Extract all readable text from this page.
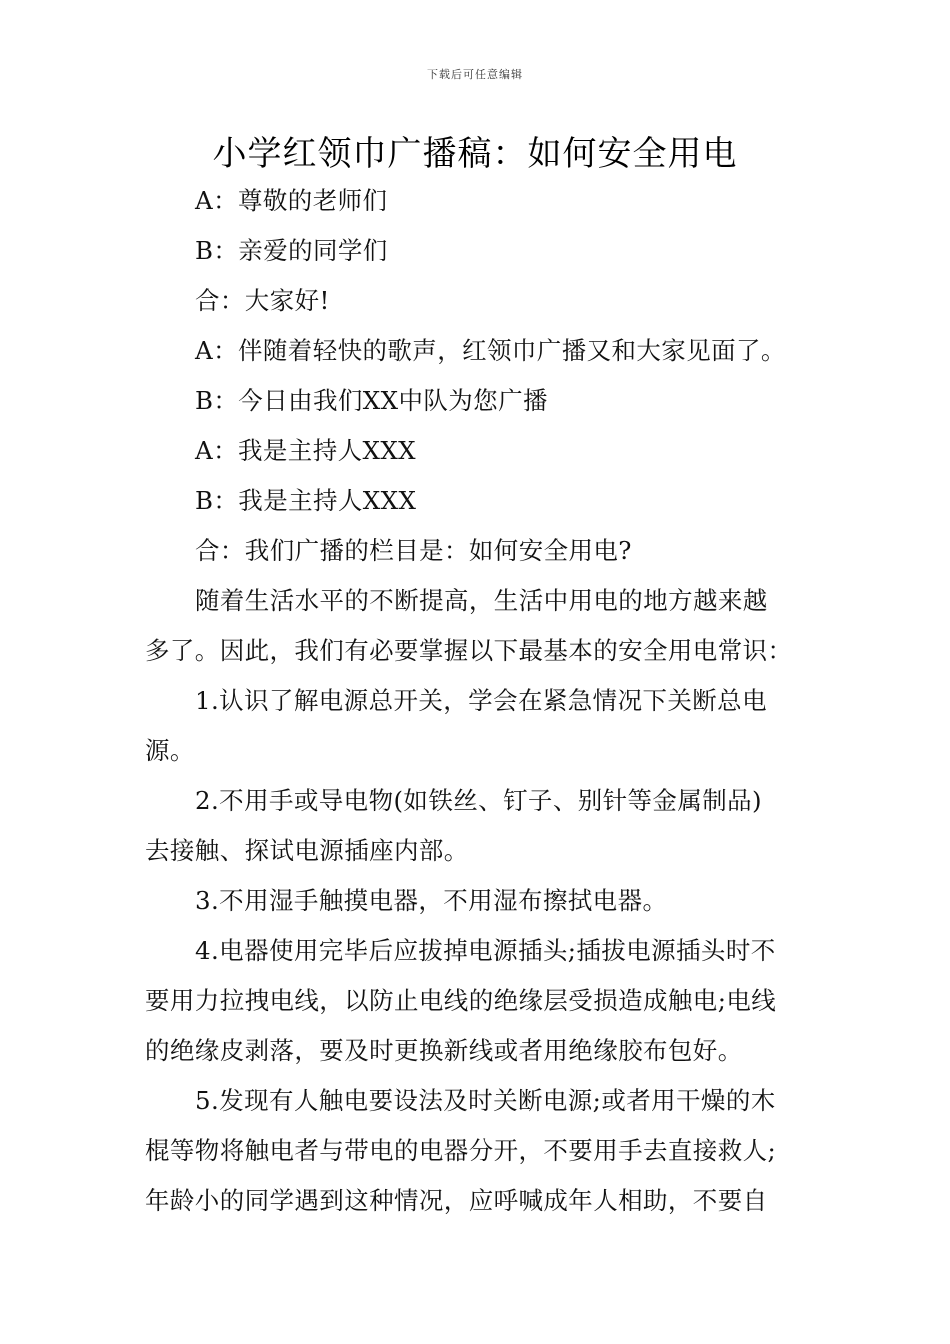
下载后可任意编辑
小学红领巾广播稿：如何安全用电
A：尊敬的老师们
B：亲爱的同学们
合：大家好!
A：伴随着轻快的歌声，红领巾广播又和大家见面了。
B：今日由我们XX中队为您广播
A：我是主持人XXX
B：我是主持人XXX
合：我们广播的栏目是：如何安全用电?
随着生活水平的不断提高，生活中用电的地方越来越
多了。因此，我们有必要掌握以下最基本的安全用电常识：
1.认识了解电源总开关，学会在紧急情况下关断总电
源。
2.不用手或导电物(如铁丝、钉子、别针等金属制品)
去接触、探试电源插座内部。
3.不用湿手触摸电器，不用湿布擦拭电器。
4.电器使用完毕后应拔掉电源插头;插拔电源插头时不
要用力拉拽电线，以防止电线的绝缘层受损造成触电;电线
的绝缘皮剥落，要及时更换新线或者用绝缘胶布包好。
5.发现有人触电要设法及时关断电源;或者用干燥的木
棍等物将触电者与带电的电器分开，不要用手去直接救人;
年龄小的同学遇到这种情况，应呼喊成年人相助，不要自
